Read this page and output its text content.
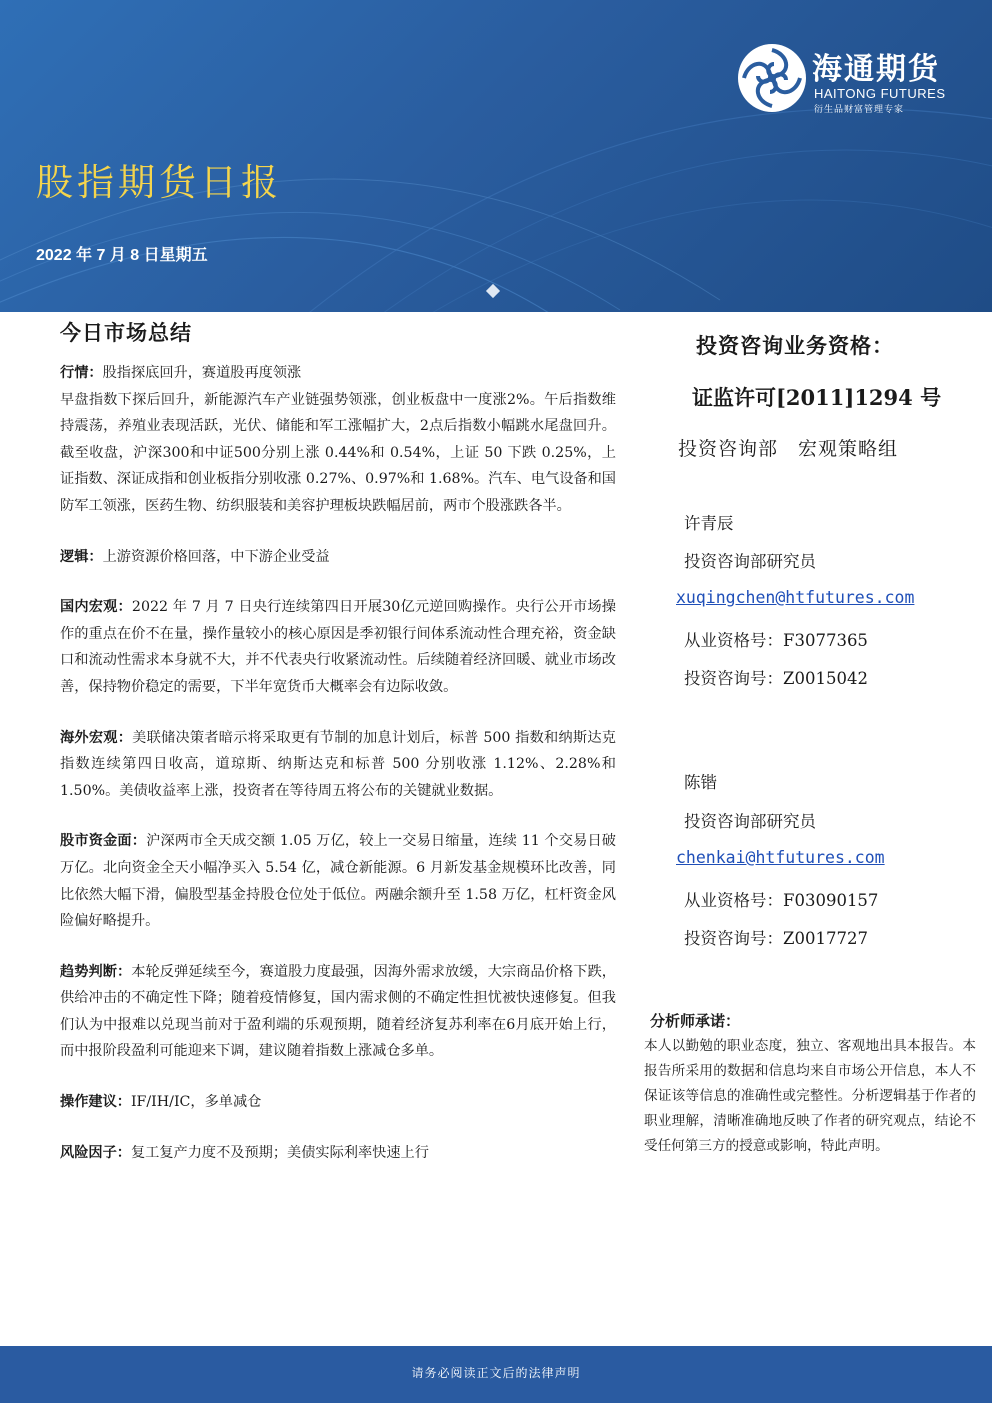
海通期货
HAITONG FUTURES
衍生品财富管理专家
股指期货日报
2022 年 7 月 8 日星期五
今日市场总结

行情：股指探底回升，赛道股再度领涨
早盘指数下探后回升，新能源汽车产业链强势领涨，创业板盘中一度涨2%。午后指数维持震荡，养殖业表现活跃，光伏、储能和军工涨幅扩大，2点后指数小幅跳水尾盘回升。截至收盘，沪深300和中证500分别上涨 0.44%和 0.54%，上证 50 下跌 0.25%，上证指数、深证成指和创业板指分别收涨 0.27%、0.97%和 1.68%。汽车、电气设备和国防军工领涨，医药生物、纺织服装和美容护理板块跌幅居前，两市个股涨跌各半。

逻辑：上游资源价格回落，中下游企业受益

国内宏观：2022 年 7 月 7 日央行连续第四日开展30亿元逆回购操作。央行公开市场操作的重点在价不在量，操作量较小的核心原因是季初银行间体系流动性合理充裕，资金缺口和流动性需求本身就不大，并不代表央行收紧流动性。后续随着经济回暖、就业市场改善，保持物价稳定的需要，下半年宽货币大概率会有边际收敛。

海外宏观：美联储决策者暗示将采取更有节制的加息计划后，标普 500 指数和纳斯达克指数连续第四日收高，道琼斯、纳斯达克和标普 500 分别收涨 1.12%、2.28%和 1.50%。美债收益率上涨，投资者在等待周五将公布的关键就业数据。

股市资金面：沪深两市全天成交额 1.05 万亿，较上一交易日缩量，连续 11 个交易日破万亿。北向资金全天小幅净买入 5.54 亿，减仓新能源。6 月新发基金规模环比改善，同比依然大幅下滑，偏股型基金持股仓位处于低位。两融余额升至 1.58 万亿，杠杆资金风险偏好略提升。

趋势判断：本轮反弹延续至今，赛道股力度最强，因海外需求放缓，大宗商品价格下跌，供给冲击的不确定性下降；随着疫情修复，国内需求侧的不确定性担忧被快速修复。但我们认为中报难以兑现当前对于盈利端的乐观预期，随着经济复苏利率在6月底开始上行，而中报阶段盈利可能迎来下调，建议随着指数上涨减仓多单。

操作建议：IF/IH/IC，多单减仓

风险因子：复工复产力度不及预期；美债实际利率快速上行

投资咨询业务资格：
证监许可[2011]1294 号
投资咨询部　宏观策略组
许青辰
投资咨询部研究员
xuqingchen@htfutures.com
从业资格号：F3077365
投资咨询号：Z0015042
陈锴
投资咨询部研究员
chenkai@htfutures.com
从业资格号：F03090157
投资咨询号：Z0017727
分析师承诺：
本人以勤勉的职业态度，独立、客观地出具本报告。本报告所采用的数据和信息均来自市场公开信息，本人不保证该等信息的准确性或完整性。分析逻辑基于作者的职业理解，清晰准确地反映了作者的研究观点，结论不受任何第三方的授意或影响，特此声明。
请务必阅读正文后的法律声明
